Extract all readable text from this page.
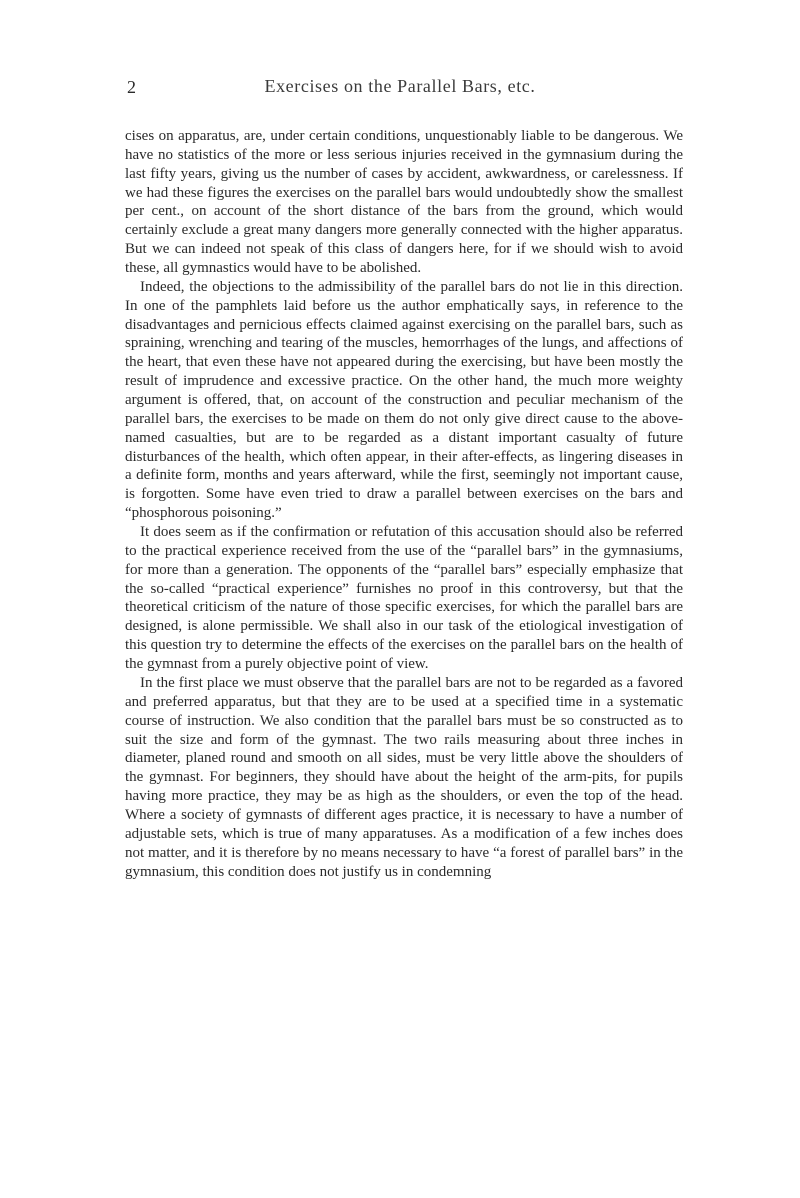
2	Exercises on the Parallel Bars, etc.

cises on apparatus, are, under certain conditions, unquestionably liable to be dangerous. We have no statistics of the more or less serious injuries received in the gymnasium during the last fifty years, giving us the number of cases by accident, awkwardness, or carelessness. If we had these figures the exercises on the parallel bars would undoubtedly show the smallest per cent., on account of the short distance of the bars from the ground, which would certainly exclude a great many dangers more generally connected with the higher apparatus. But we can indeed not speak of this class of dangers here, for if we should wish to avoid these, all gymnastics would have to be abolished.

Indeed, the objections to the admissibility of the parallel bars do not lie in this direction. In one of the pamphlets laid before us the author emphatically says, in reference to the disadvantages and pernicious effects claimed against exercising on the parallel bars, such as spraining, wrenching and tearing of the muscles, hemorrhages of the lungs, and affections of the heart, that even these have not appeared during the exercising, but have been mostly the result of imprudence and excessive practice. On the other hand, the much more weighty argument is offered, that, on account of the construction and peculiar mechanism of the parallel bars, the exercises to be made on them do not only give direct cause to the above-named casualties, but are to be regarded as a distant important casualty of future disturbances of the health, which often appear, in their after-effects, as lingering diseases in a definite form, months and years afterward, while the first, seemingly not important cause, is forgotten. Some have even tried to draw a parallel between exercises on the bars and “phosphorous poisoning.”

It does seem as if the confirmation or refutation of this accusation should also be referred to the practical experience received from the use of the “parallel bars” in the gymnasiums, for more than a generation. The opponents of the “parallel bars” especially emphasize that the so-called “practical experience” furnishes no proof in this controversy, but that the theoretical criticism of the nature of those specific exercises, for which the parallel bars are designed, is alone permissible. We shall also in our task of the etiological investigation of this question try to determine the effects of the exercises on the parallel bars on the health of the gymnast from a purely objective point of view.

In the first place we must observe that the parallel bars are not to be regarded as a favored and preferred apparatus, but that they are to be used at a specified time in a systematic course of instruction. We also condition that the parallel bars must be so constructed as to suit the size and form of the gymnast. The two rails measuring about three inches in diameter, planed round and smooth on all sides, must be very little above the shoulders of the gymnast. For beginners, they should have about the height of the arm-pits, for pupils having more practice, they may be as high as the shoulders, or even the top of the head. Where a society of gymnasts of different ages practice, it is necessary to have a number of adjustable sets, which is true of many apparatuses. As a modification of a few inches does not matter, and it is therefore by no means necessary to have “a forest of parallel bars” in the gymnasium, this condition does not justify us in condemning
